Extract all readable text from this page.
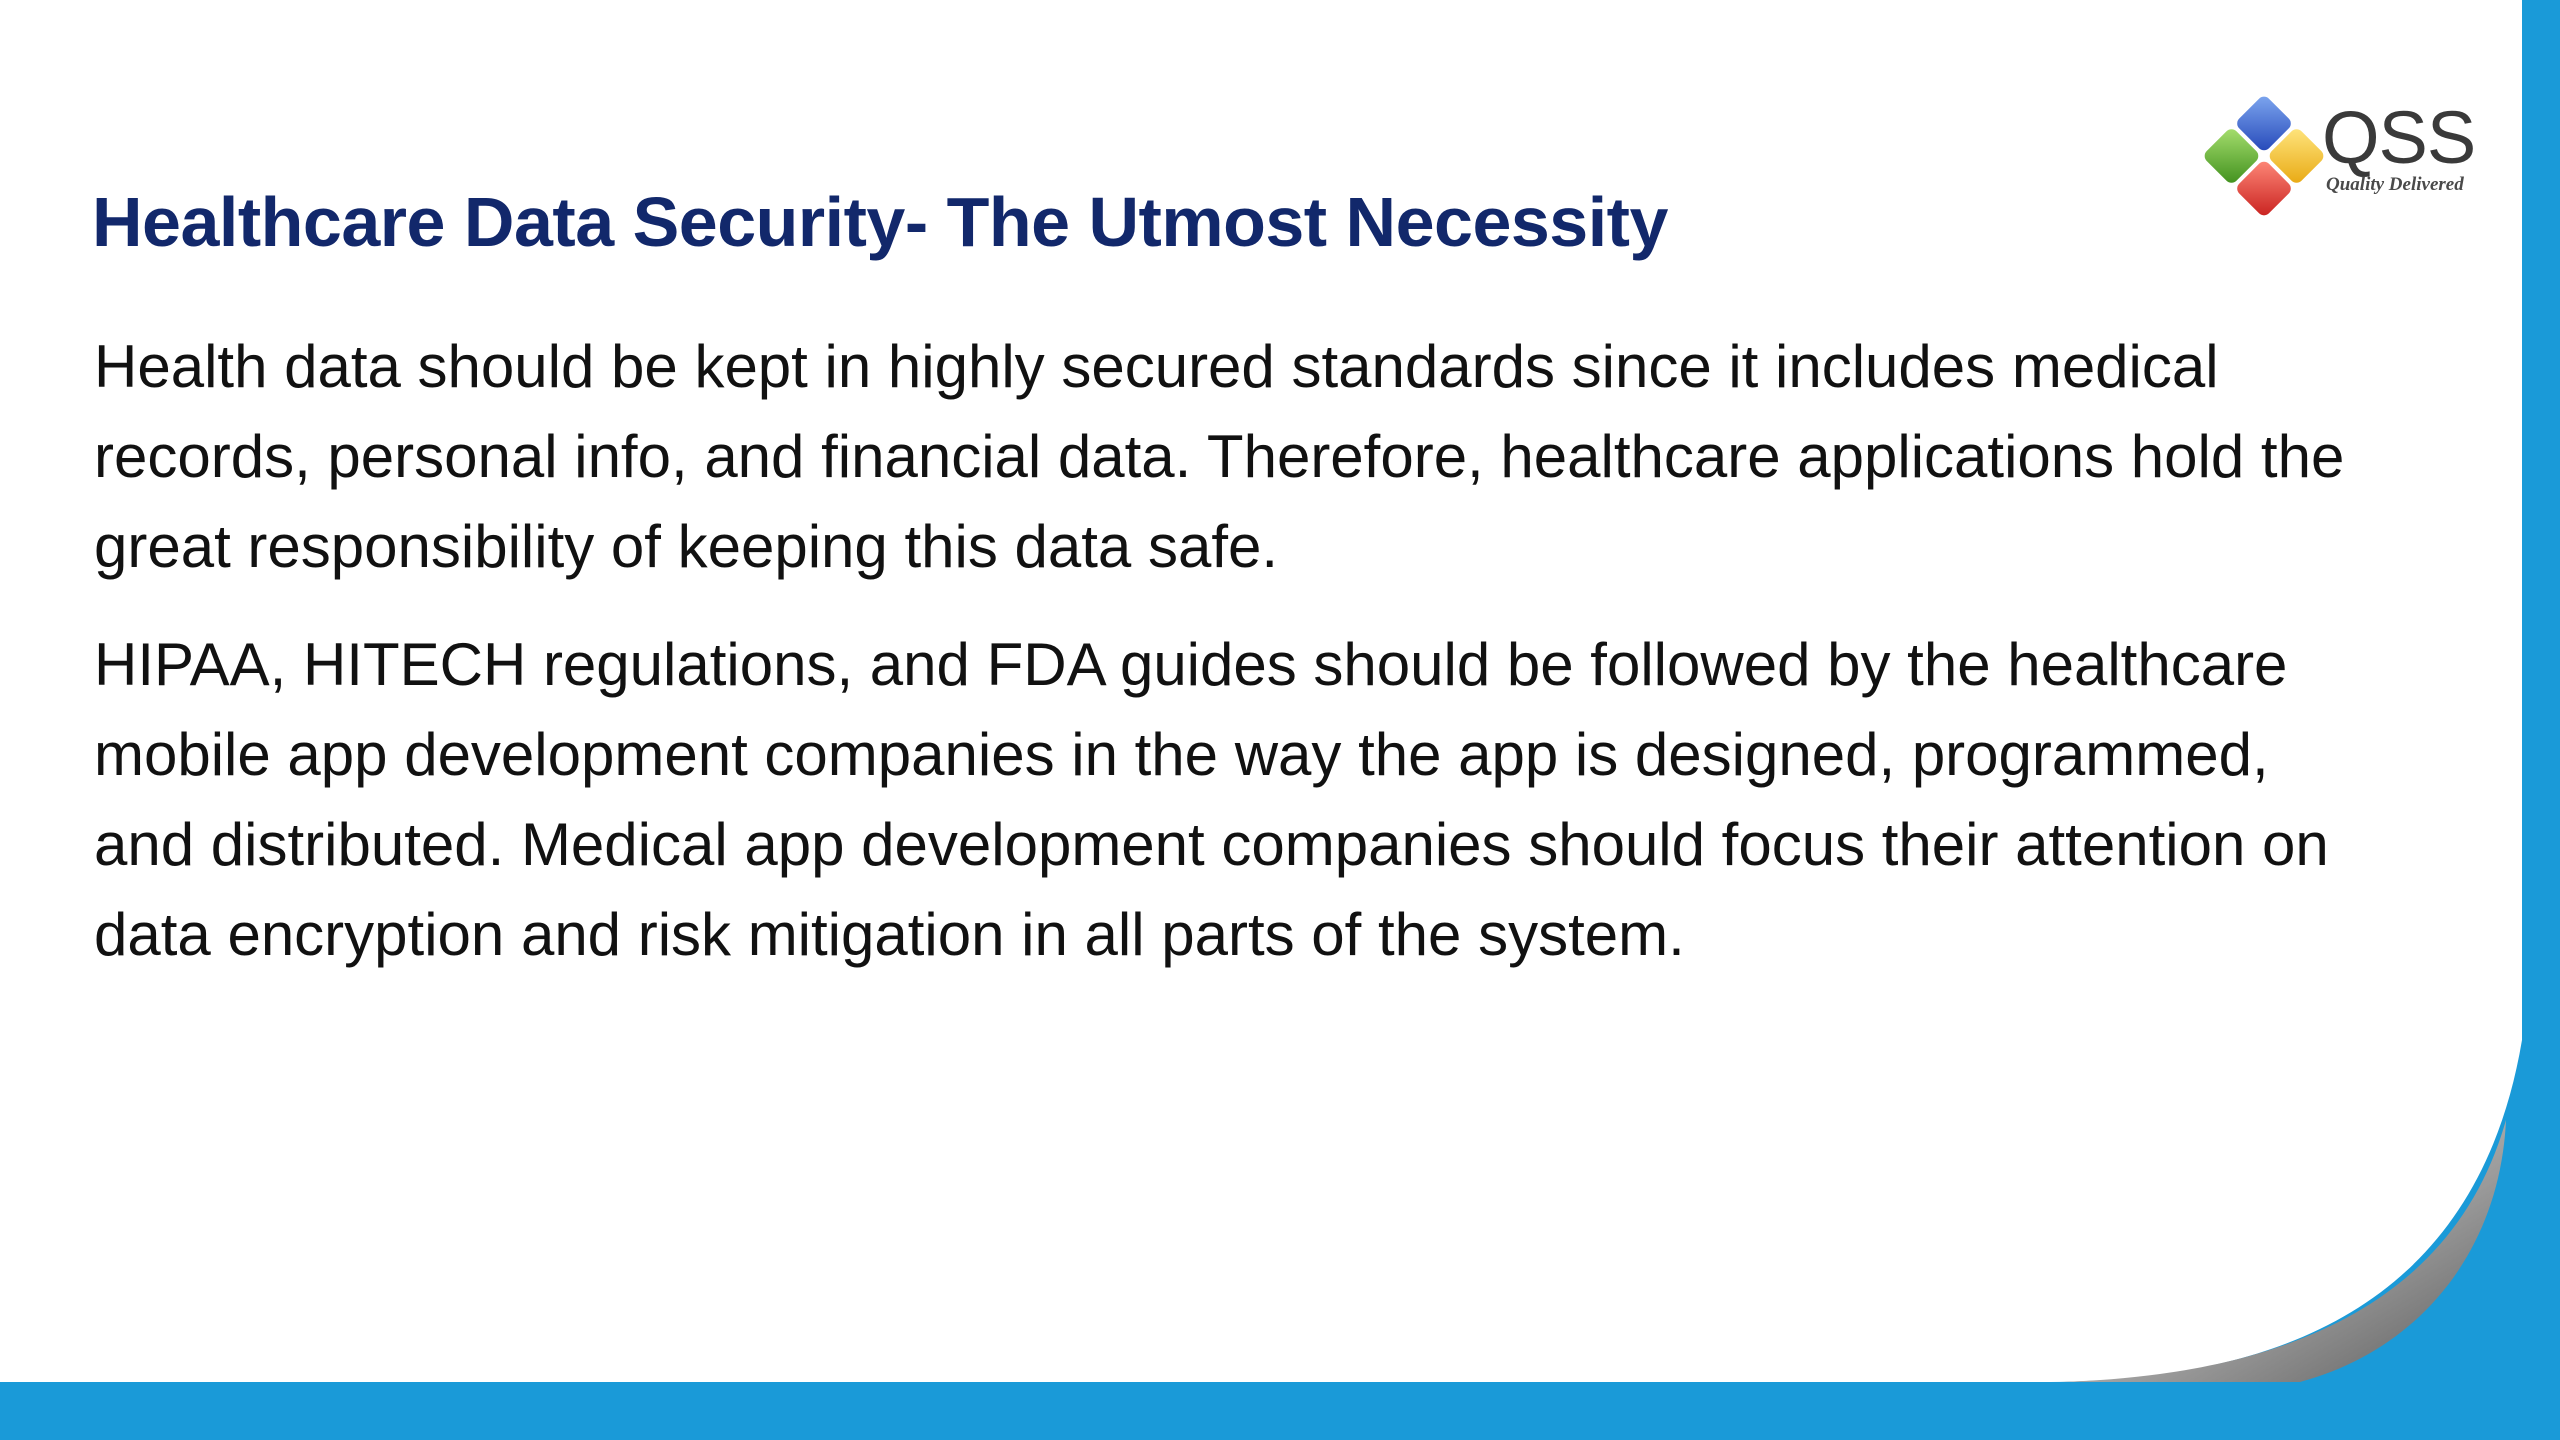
QSS
Quality Delivered
Healthcare Data Security- The Utmost Necessity

Health data should be kept in highly secured standards since it includes medical records, personal info, and financial data. Therefore, healthcare applications hold the great responsibility of keeping this data safe.

HIPAA, HITECH regulations, and FDA guides should be followed by the healthcare mobile app development companies in the way the app is designed, programmed, and distributed. Medical app development companies should focus their attention on data encryption and risk mitigation in all parts of the system.
